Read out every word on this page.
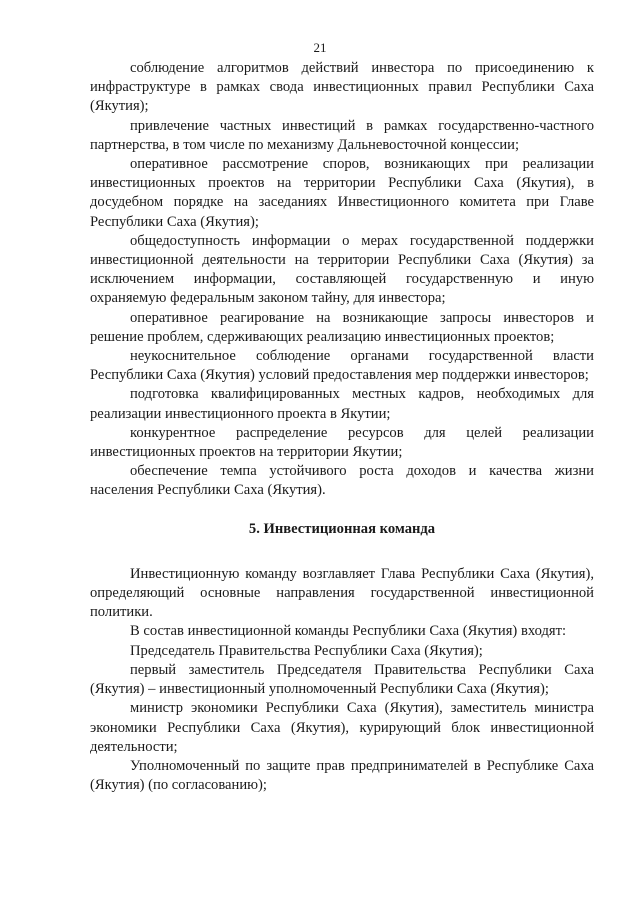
21

соблюдение алгоритмов действий инвестора по присоединению к инфраструктуре в рамках свода инвестиционных правил Республики Саха (Якутия);

привлечение частных инвестиций в рамках государственно-частного партнерства, в том числе по механизму Дальневосточной концессии;

оперативное рассмотрение споров, возникающих при реализации инвестиционных проектов на территории Республики Саха (Якутия), в досудебном порядке на заседаниях Инвестиционного комитета при Главе Республики Саха (Якутия);

общедоступность информации о мерах государственной поддержки инвестиционной деятельности на территории Республики Саха (Якутия) за исключением информации, составляющей государственную и иную охраняемую федеральным законом тайну, для инвестора;

оперативное реагирование на возникающие запросы инвесторов и решение проблем, сдерживающих реализацию инвестиционных проектов;

неукоснительное соблюдение органами государственной власти Республики Саха (Якутия) условий предоставления мер поддержки инвесторов;

подготовка квалифицированных местных кадров, необходимых для реализации инвестиционного проекта в Якутии;

конкурентное распределение ресурсов для целей реализации инвестиционных проектов на территории Якутии;

обеспечение темпа устойчивого роста доходов и качества жизни населения Республики Саха (Якутия).

5. Инвестиционная команда

Инвестиционную команду возглавляет Глава Республики Саха (Якутия), определяющий основные направления государственной инвестиционной политики.

В состав инвестиционной команды Республики Саха (Якутия) входят:

Председатель Правительства Республики Саха (Якутия);

первый заместитель Председателя Правительства Республики Саха (Якутия) – инвестиционный уполномоченный Республики Саха (Якутия);

министр экономики Республики Саха (Якутия), заместитель министра экономики Республики Саха (Якутия), курирующий блок инвестиционной деятельности;

Уполномоченный по защите прав предпринимателей в Республике Саха (Якутия) (по согласованию);
